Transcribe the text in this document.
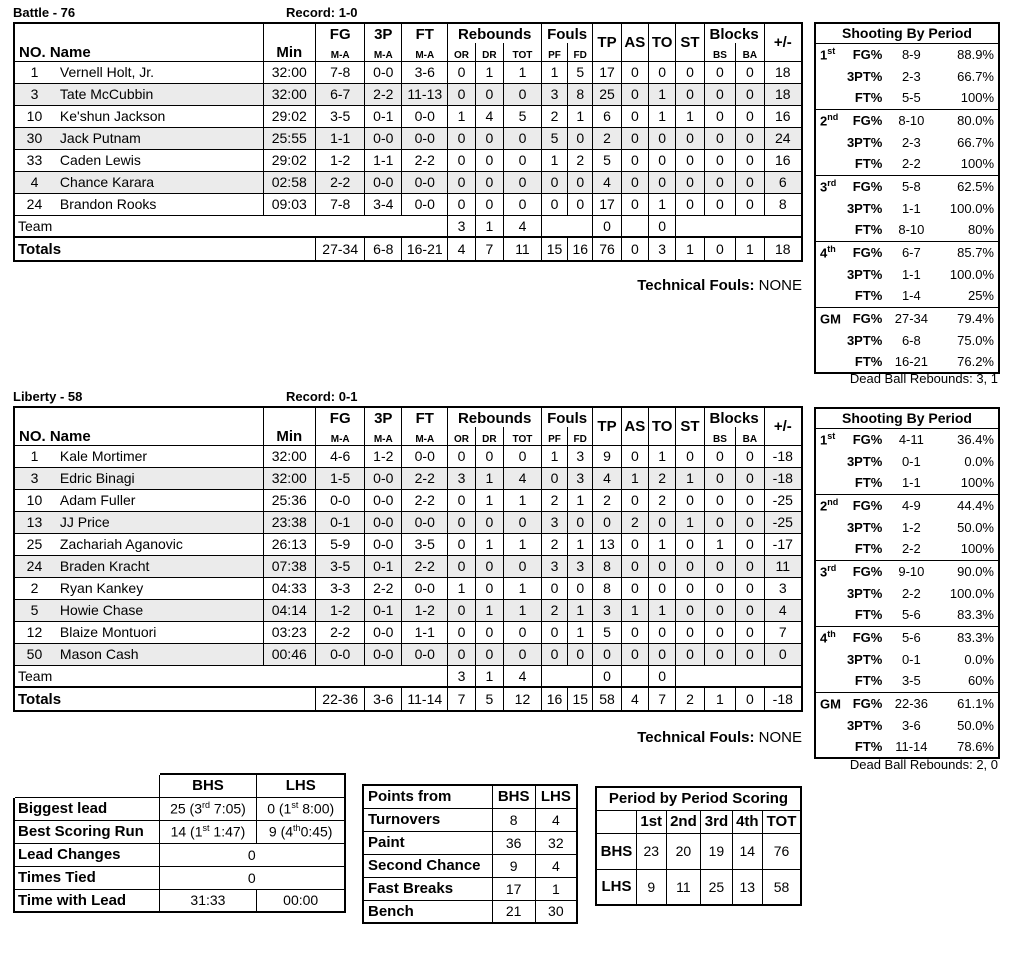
Battle - 76	Record: 1-0
NO. Name		Min	FG	3P	FT	Rebounds			Fouls		TP	AS	TO	ST	Blocks		+/-
			M-A	M-A	M-A	OR	DR	TOT	PF	FD					BS	BA	
1	Vernell Holt, Jr.	32:00	7-8	0-0	3-6	0	1	1	1	5	17	0	0	0	0	0	18
3	Tate McCubbin	32:00	6-7	2-2	11-13	0	0	0	3	8	25	0	1	0	0	0	18
10	Ke'shun Jackson	29:02	3-5	0-1	0-0	1	4	5	2	1	6	0	1	1	0	0	16
30	Jack Putnam	25:55	1-1	0-0	0-0	0	0	0	5	0	2	0	0	0	0	0	24
33	Caden Lewis	29:02	1-2	1-1	2-2	0	0	0	1	2	5	0	0	0	0	0	16
4	Chance Karara	02:58	2-2	0-0	0-0	0	0	0	0	0	4	0	0	0	0	0	6
24	Brandon Rooks	09:03	7-8	3-4	0-0	0	0	0	0	0	17	0	1	0	0	0	8
Team						3	1	4			0		0				
Totals			27-34	6-8	16-21	4	7	11	15	16	76	0	3	1	0	1	18
Technical Fouls: NONE
Shooting By Period			
1st	FG%	8-9	88.9%
	3PT%	2-3	66.7%
	FT%	5-5	100%
2nd	FG%	8-10	80.0%
	3PT%	2-3	66.7%
	FT%	2-2	100%
3rd	FG%	5-8	62.5%
	3PT%	1-1	100.0%
	FT%	8-10	80%
4th	FG%	6-7	85.7%
	3PT%	1-1	100.0%
	FT%	1-4	25%
GM	FG%	27-34	79.4%
	3PT%	6-8	75.0%
	FT%	16-21	76.2%
Dead Ball Rebounds: 3, 1
Liberty - 58	Record: 0-1
NO. Name		Min	FG	3P	FT	Rebounds			Fouls		TP	AS	TO	ST	Blocks		+/-
			M-A	M-A	M-A	OR	DR	TOT	PF	FD					BS	BA	
1	Kale Mortimer	32:00	4-6	1-2	0-0	0	0	0	1	3	9	0	1	0	0	0	-18
3	Edric Binagi	32:00	1-5	0-0	2-2	3	1	4	0	3	4	1	2	1	0	0	-18
10	Adam Fuller	25:36	0-0	0-0	2-2	0	1	1	2	1	2	0	2	0	0	0	-25
13	JJ Price	23:38	0-1	0-0	0-0	0	0	0	3	0	0	2	0	1	0	0	-25
25	Zachariah Aganovic	26:13	5-9	0-0	3-5	0	1	1	2	1	13	0	1	0	1	0	-17
24	Braden Kracht	07:38	3-5	0-1	2-2	0	0	0	3	3	8	0	0	0	0	0	11
2	Ryan Kankey	04:33	3-3	2-2	0-0	1	0	1	0	0	8	0	0	0	0	0	3
5	Howie Chase	04:14	1-2	0-1	1-2	0	1	1	2	1	3	1	1	0	0	0	4
12	Blaize Montuori	03:23	2-2	0-0	1-1	0	0	0	0	1	5	0	0	0	0	0	7
50	Mason Cash	00:46	0-0	0-0	0-0	0	0	0	0	0	0	0	0	0	0	0	0
Team						3	1	4			0		0				
Totals			22-36	3-6	11-14	7	5	12	16	15	58	4	7	2	1	0	-18
Technical Fouls: NONE
Shooting By Period			
1st	FG%	4-11	36.4%
	3PT%	0-1	0.0%
	FT%	1-1	100%
2nd	FG%	4-9	44.4%
	3PT%	1-2	50.0%
	FT%	2-2	100%
3rd	FG%	9-10	90.0%
	3PT%	2-2	100.0%
	FT%	5-6	83.3%
4th	FG%	5-6	83.3%
	3PT%	0-1	0.0%
	FT%	3-5	60%
GM	FG%	22-36	61.1%
	3PT%	3-6	50.0%
	FT%	11-14	78.6%
Dead Ball Rebounds: 2, 0
	BHS	LHS
Biggest lead	25 (3rd 7:05)	0 (1st 8:00)
Best Scoring Run	14 (1st 1:47)	9 (4th0:45)
Lead Changes	0	
Times Tied	0	
Time with Lead	31:33	00:00
Points from	BHS	LHS
Turnovers	8	4
Paint	36	32
Second Chance	9	4
Fast Breaks	17	1
Bench	21	30
Period by Period Scoring					
	1st	2nd	3rd	4th	TOT
BHS	23	20	19	14	76
LHS	9	11	25	13	58
